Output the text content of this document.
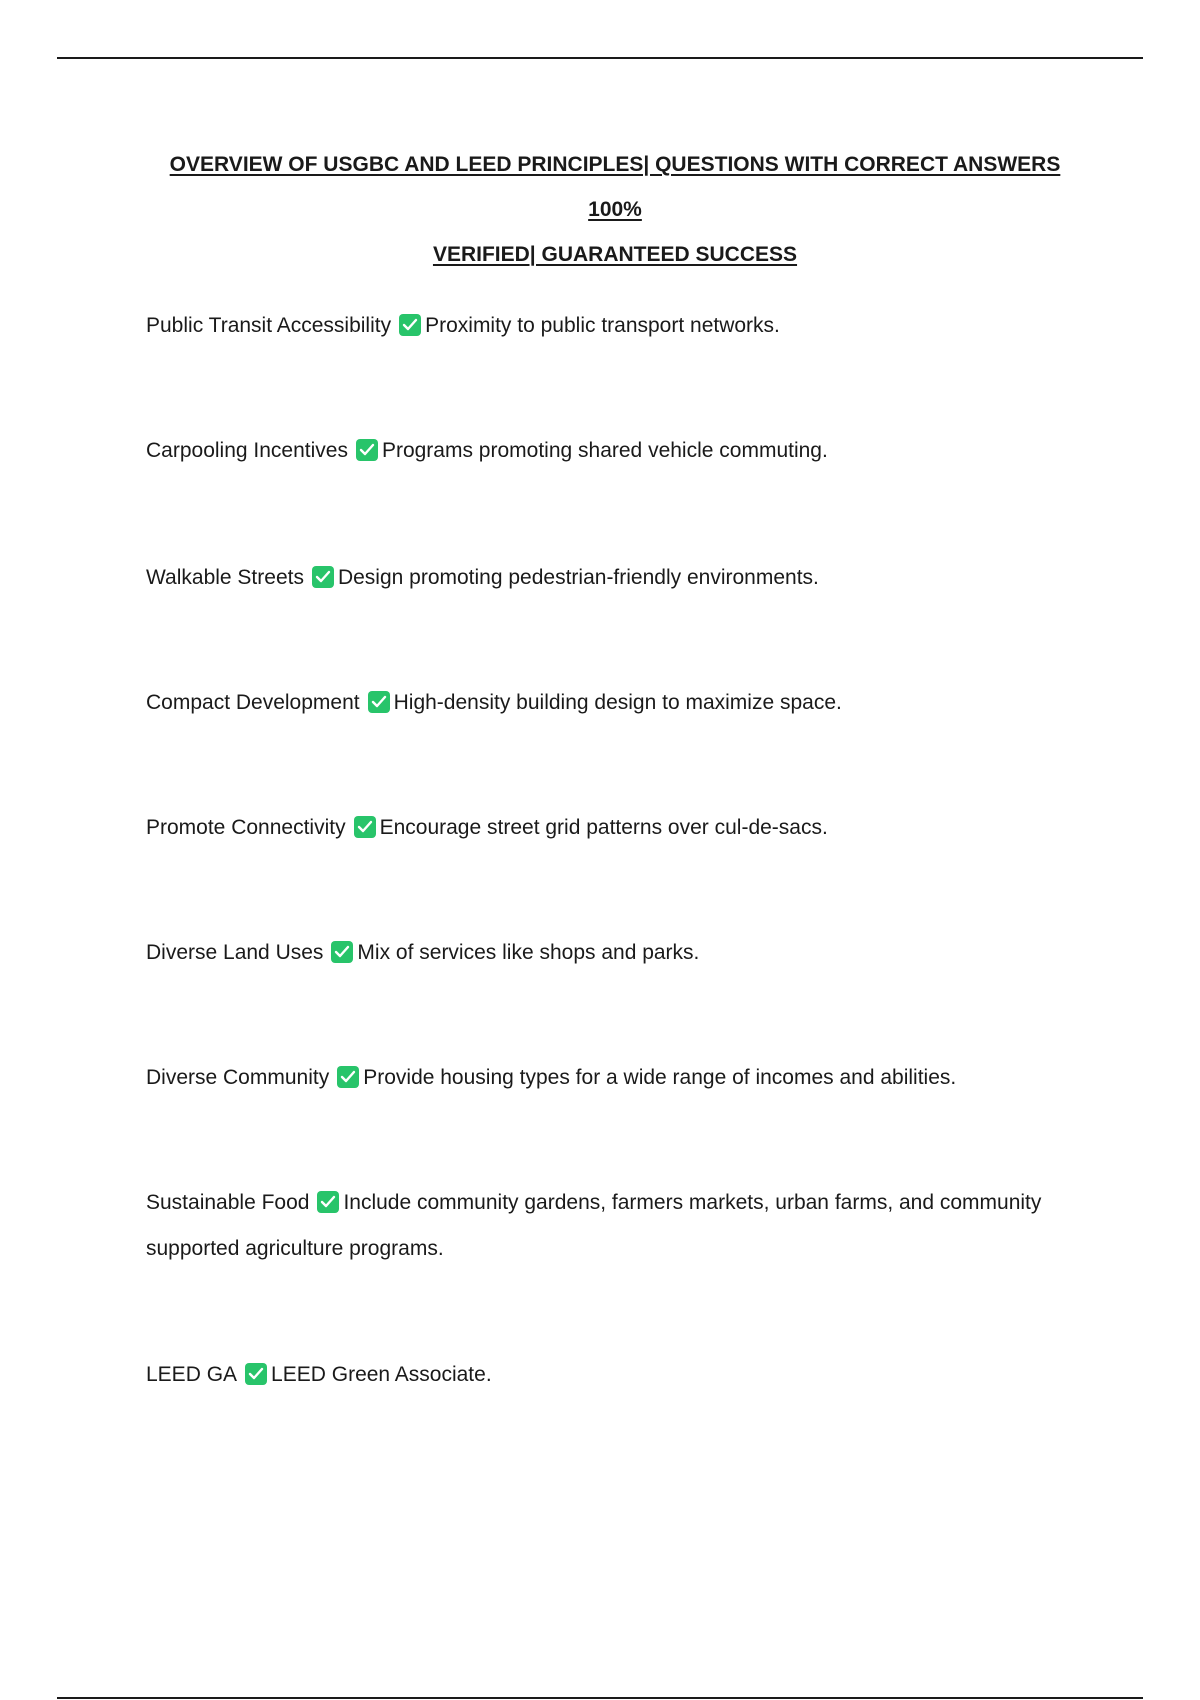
OVERVIEW OF USGBC AND LEED PRINCIPLES| QUESTIONS WITH CORRECT ANSWERS 100%
VERIFIED| GUARANTEED SUCCESS

Public Transit Accessibility Proximity to public transport networks.

Carpooling Incentives Programs promoting shared vehicle commuting.

Walkable Streets Design promoting pedestrian-friendly environments.

Compact Development High-density building design to maximize space.

Promote Connectivity Encourage street grid patterns over cul-de-sacs.

Diverse Land Uses Mix of services like shops and parks.

Diverse Community Provide housing types for a wide range of incomes and abilities.

Sustainable Food Include community gardens, farmers markets, urban farms, and community supported agriculture programs.

LEED GA LEED Green Associate.
